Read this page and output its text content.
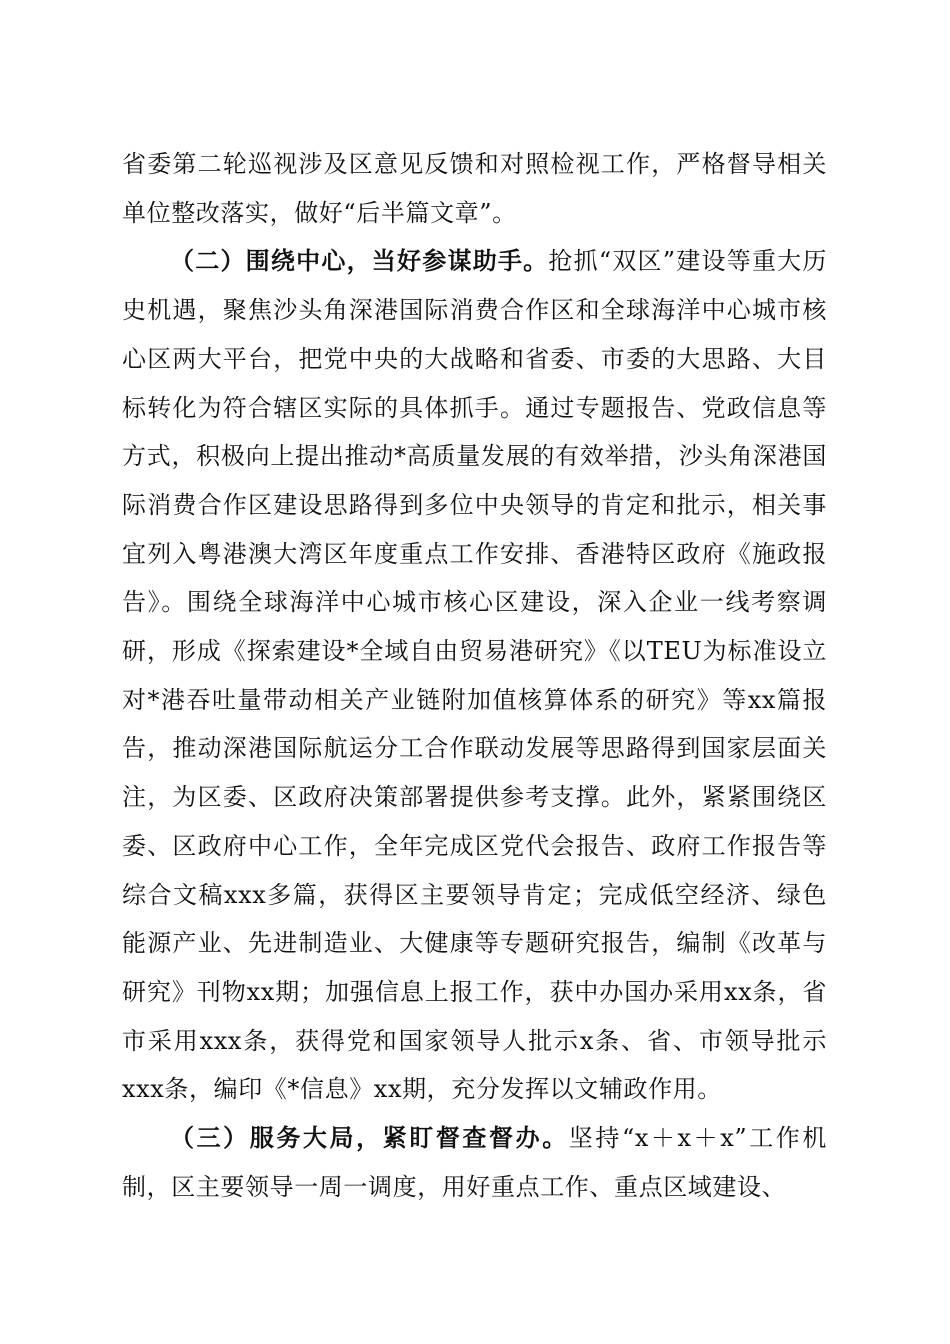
省委第二轮巡视涉及区意见反馈和对照检视工作，严格督导相关单位整改落实，做好“后半篇文章”。

（二）围绕中心，当好参谋助手。抢抓“双区”建设等重大历史机遇，聚焦沙头角深港国际消费合作区和全球海洋中心城市核心区两大平台，把党中央的大战略和省委、市委的大思路、大目标转化为符合辖区实际的具体抓手。通过专题报告、党政信息等方式，积极向上提出推动*高质量发展的有效举措，沙头角深港国际消费合作区建设思路得到多位中央领导的肯定和批示，相关事宜列入粤港澳大湾区年度重点工作安排、香港特区政府《施政报告》。围绕全球海洋中心城市核心区建设，深入企业一线考察调研，形成《探索建设*全域自由贸易港研究》《以TEU为标准设立对*港吞吐量带动相关产业链附加值核算体系的研究》等xx篇报告，推动深港国际航运分工合作联动发展等思路得到国家层面关注，为区委、区政府决策部署提供参考支撑。此外，紧紧围绕区委、区政府中心工作，全年完成区党代会报告、政府工作报告等综合文稿xxx多篇，获得区主要领导肯定；完成低空经济、绿色能源产业、先进制造业、大健康等专题研究报告，编制《改革与研究》刊物xx期；加强信息上报工作，获中办国办采用xx条，省市采用xxx条，获得党和国家领导人批示x条、省、市领导批示xxx条，编印《*信息》xx期，充分发挥以文辅政作用。

（三）服务大局，紧盯督查督办。坚持“x＋x＋x”工作机制，区主要领导一周一调度，用好重点工作、重点区域建设、
